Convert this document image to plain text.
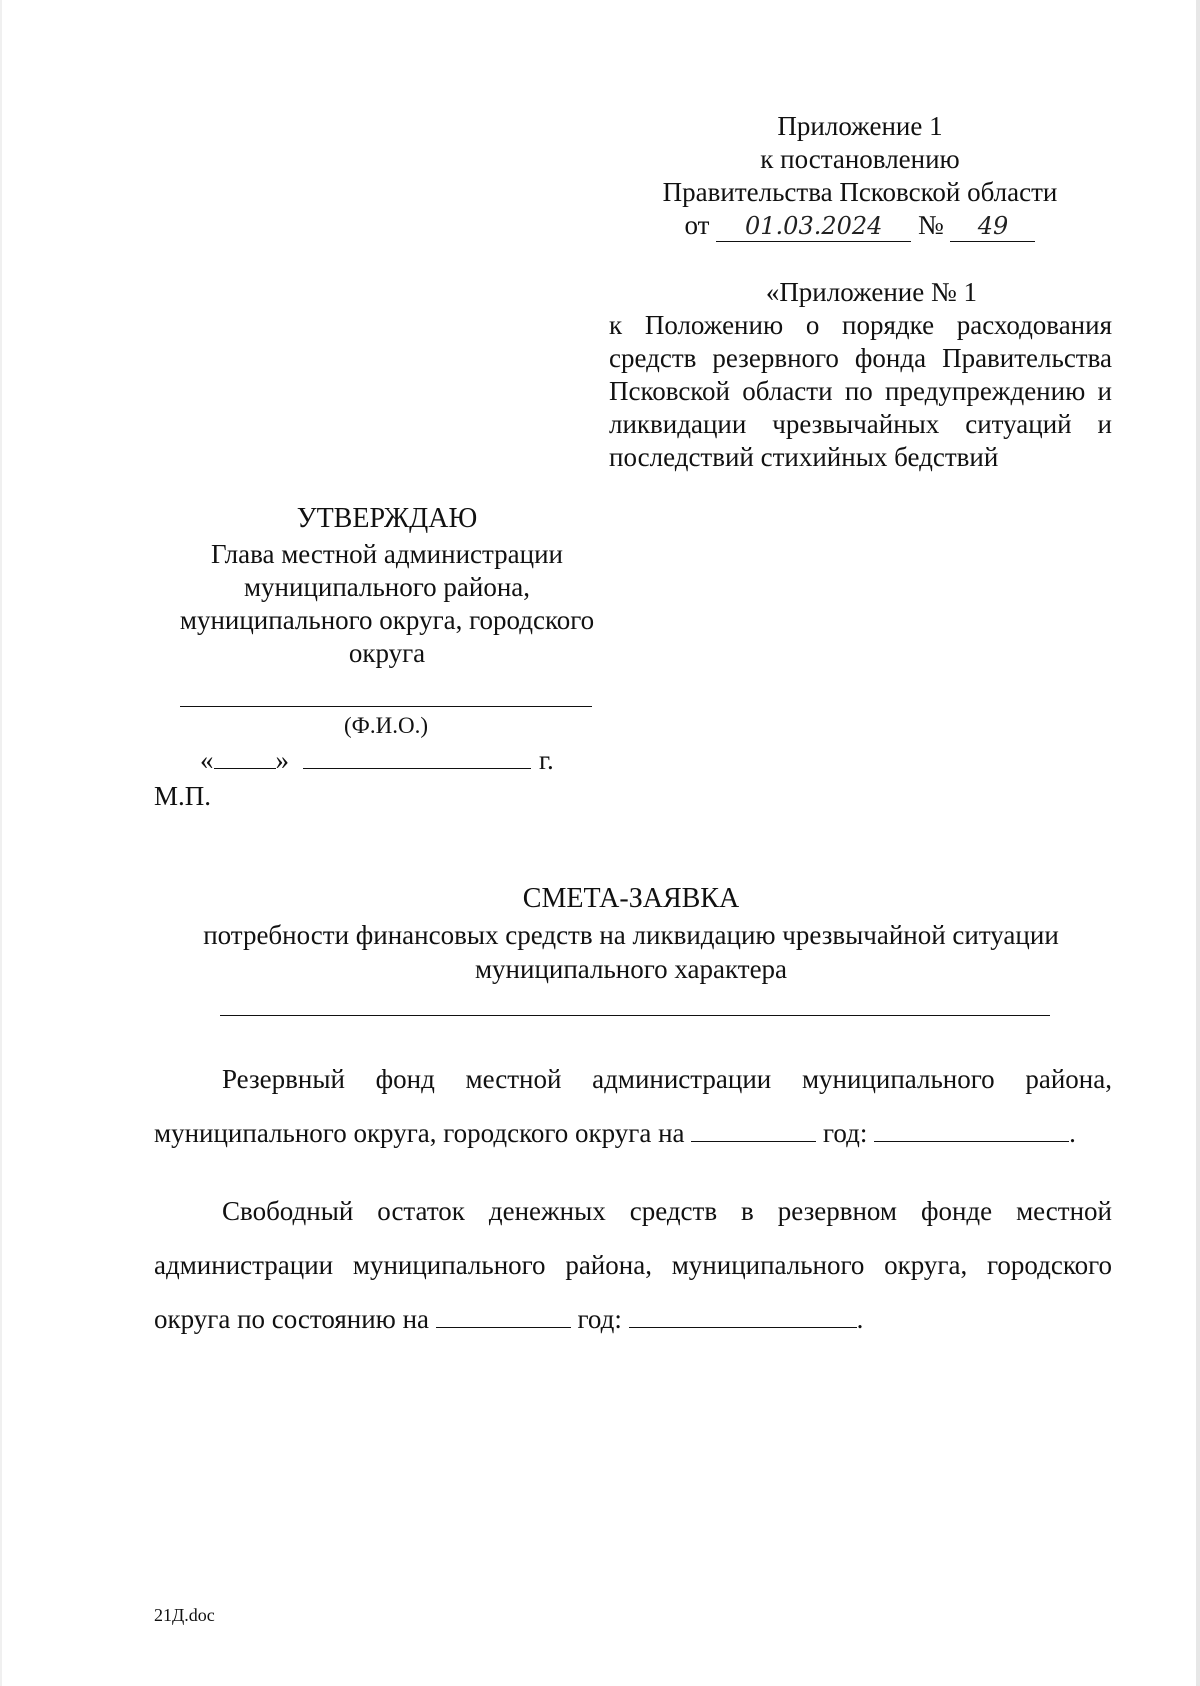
Приложение 1
к постановлению
Правительства Псковской области
от 01.03.2024 № 49
«Приложение № 1
к Положению о порядке расходования средств резервного фонда Правительства Псковской области по предупреждению и ликвидации чрезвычайных ситуаций и последствий стихийных бедствий
УТВЕРЖДАЮ
Глава местной администрации
муниципального района,
муниципального округа, городского
округа
(Ф.И.О.)
« »	г.
М.П.
СМЕТА-ЗАЯВКА
потребности финансовых средств на ликвидацию чрезвычайной ситуации
муниципального характера
Резервный фонд местной администрации муниципального района, муниципального округа, городского округа на	год:	.
Свободный остаток денежных средств в резервном фонде местной администрации муниципального района, муниципального округа, городского округа по состоянию на	год:	.
21Д.doc
